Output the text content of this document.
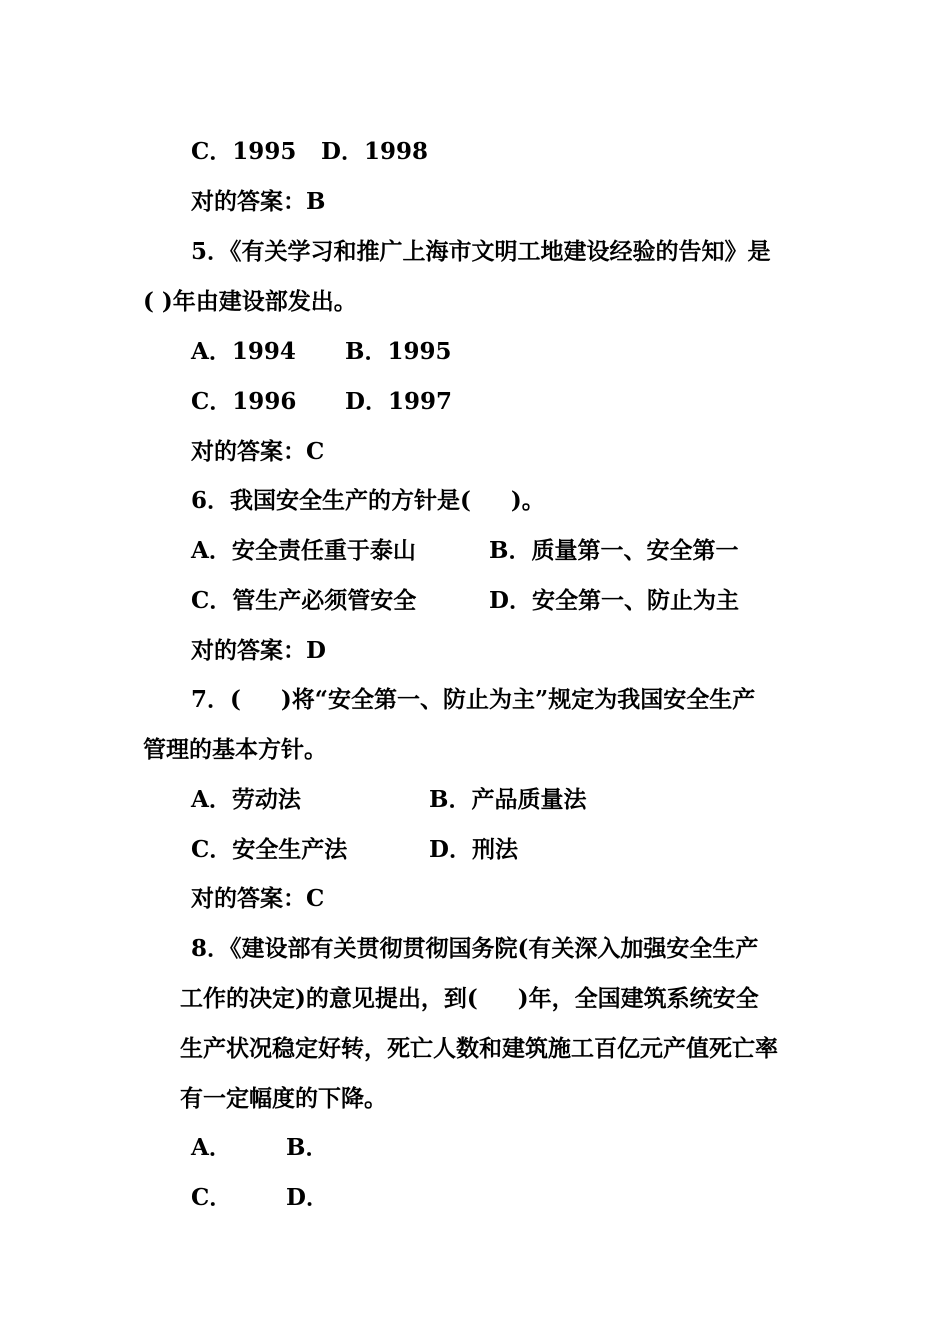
C．1995 D．1998
对的答案：B
5．《有关学习和推广上海市文明工地建设经验的告知》是
( )年由建设部发出。
A．1994 B．1995
C．1996 D．1997
对的答案：C
6．我国安全生产的方针是(     )。
A．安全责任重于泰山	B．质量第一、安全第一
C．管生产必须管安全	D．安全第一、防止为主
对的答案：D
7．(     )将“安全第一、防止为主”规定为我国安全生产
管理的基本方针。
A．劳动法	B．产品质量法
C．安全生产法	D．刑法
对的答案：C
8．《建设部有关贯彻贯彻国务院(有关深入加强安全生产
工作的决定)的意见提出，到(     )年，全国建筑系统安全
生产状况稳定好转，死亡人数和建筑施工百亿元产值死亡率
有一定幅度的下降。
A． B．
C． D．
